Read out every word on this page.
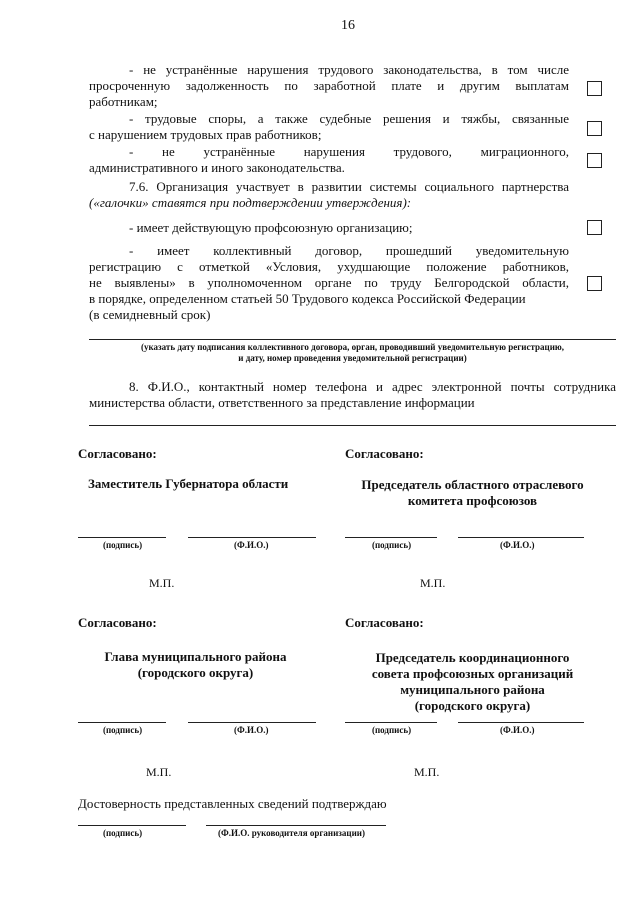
16
- не устранённые нарушения трудового законодательства, в том числе
просроченную задолженность по заработной плате и другим выплатам
работникам;
- трудовые споры, а также судебные решения и тяжбы, связанные
с нарушением трудовых прав работников;
- не устранённые нарушения трудового, миграционного,
административного и иного законодательства.
7.6. Организация участвует в развитии системы социального партнерства
(«галочки» ставятся при подтверждении утверждения):
- имеет действующую профсоюзную организацию;
- имеет коллективный договор, прошедший уведомительную
регистрацию с отметкой «Условия, ухудшающие положение работников,
не выявлены» в уполномоченном органе по труду Белгородской области,
в порядке, определенном статьей 50 Трудового кодекса Российской Федерации
(в семидневный срок)
(указать дату подписания коллективного договора, орган, проводивший уведомительную регистрацию,
и дату, номер проведения уведомительной регистрации)
8. Ф.И.О., контактный номер телефона и адрес электронной почты сотрудника
министерства области, ответственного за представление информации
Согласовано:	Согласовано:
Заместитель Губернатора области	Председатель областного отраслевого
комитета профсоюзов
(подпись)	(Ф.И.О.)	(подпись)	(Ф.И.О.)
М.П.	М.П.
Согласовано:	Согласовано:
Глава муниципального района
(городского округа)
Председатель координационного
совета профсоюзных организаций
муниципального района
(городского округа)
(подпись)	(Ф.И.О.)	(подпись)	(Ф.И.О.)
М.П.	М.П.
Достоверность представленных сведений подтверждаю
(подпись)	(Ф.И.О. руководителя организации)
